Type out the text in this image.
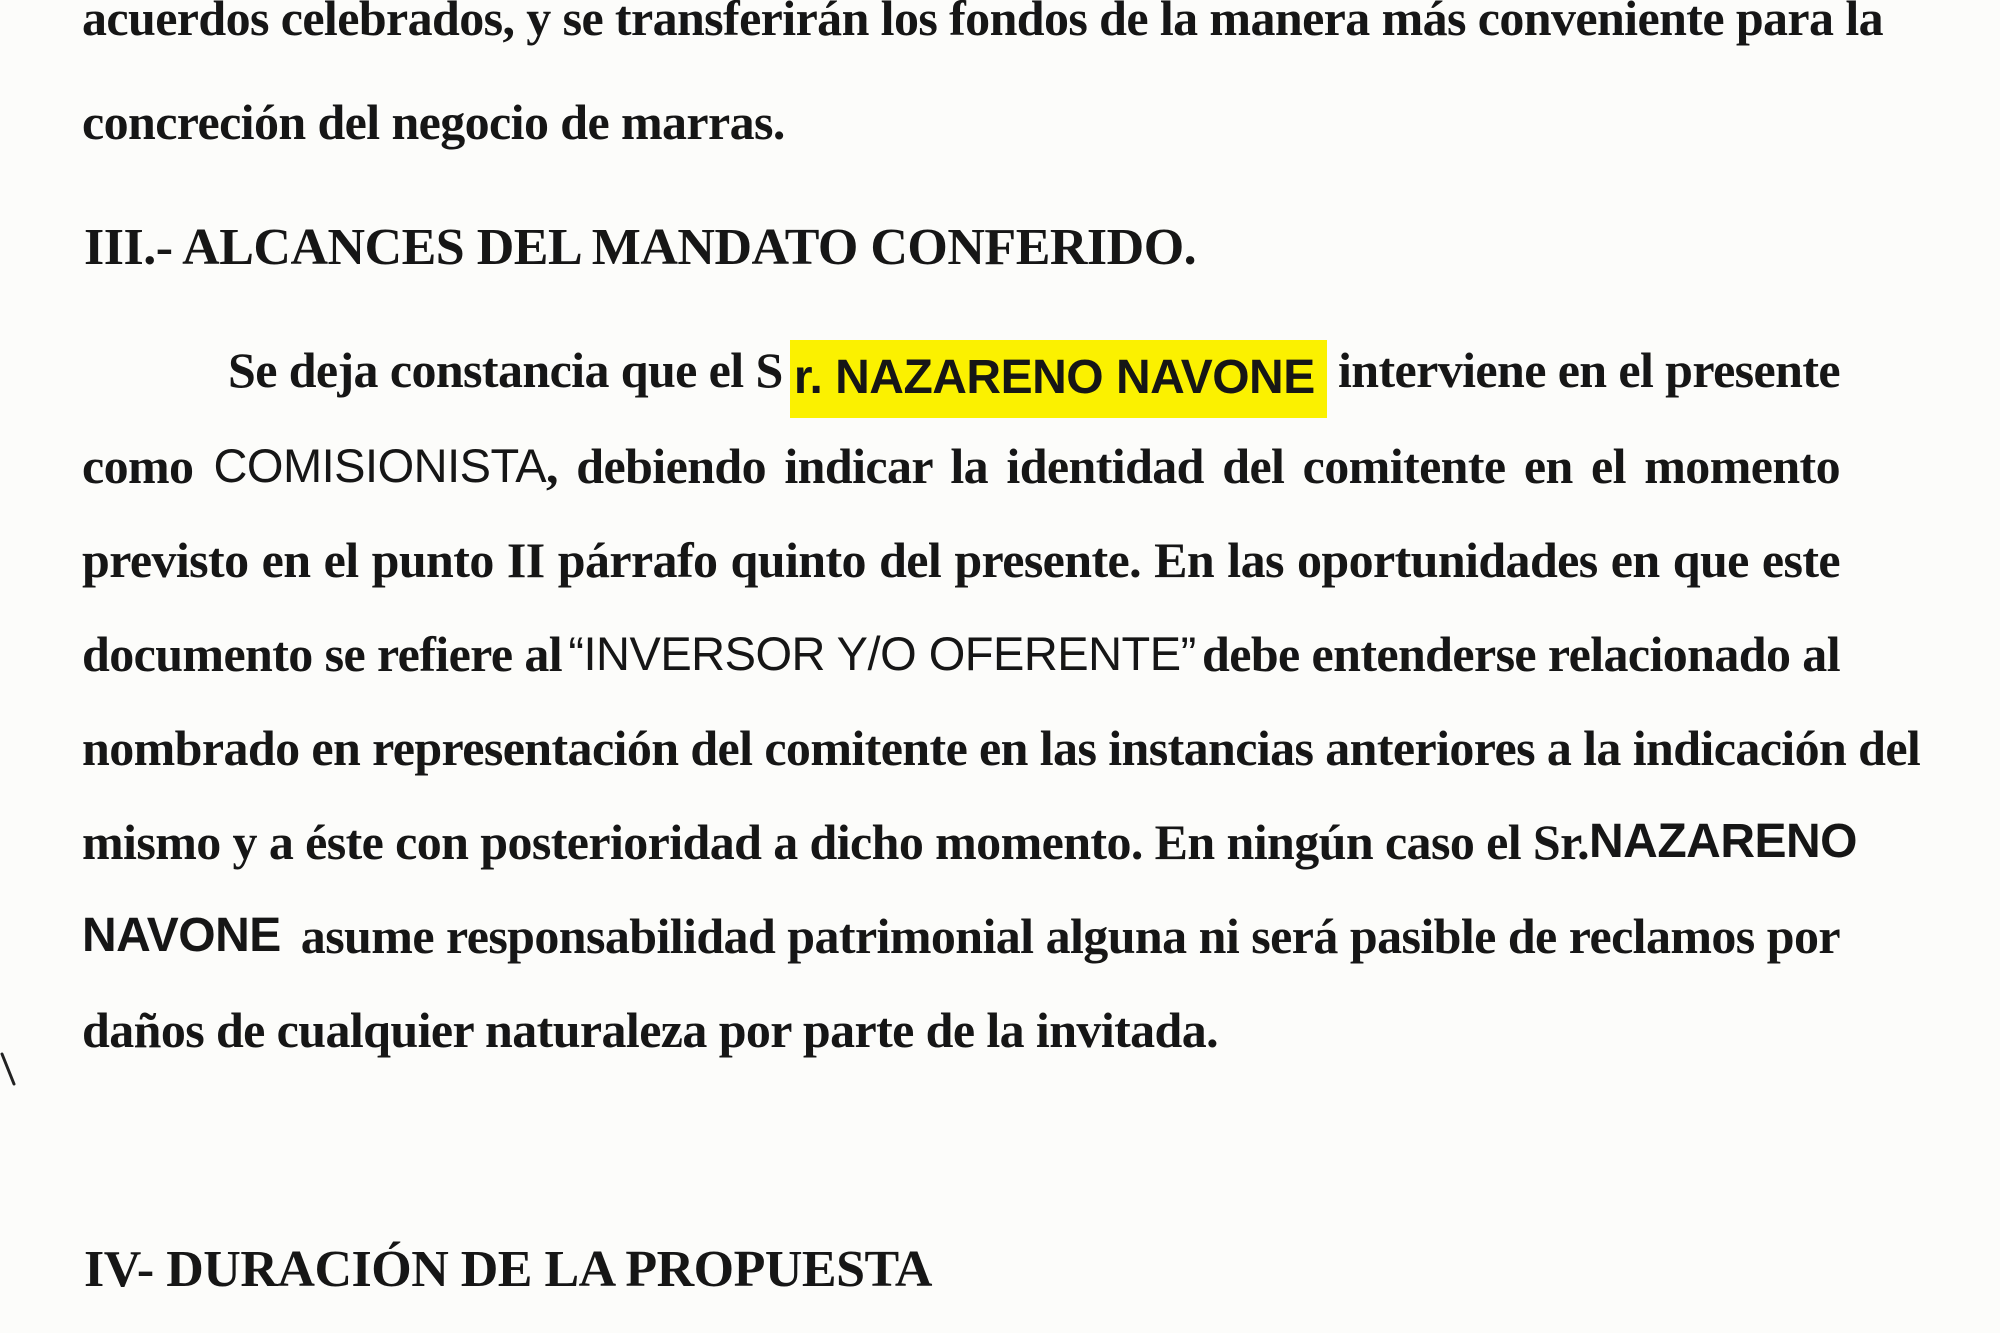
acuerdos celebrados, y se transferirán los fondos de la manera más conveniente para la
concreción del negocio de marras.
III.- ALCANCES DEL MANDATO CONFERIDO.
Se deja constancia que el S r. NAZARENO NAVONE interviene en el presente
como COMISIONISTA , debiendo indicar la identidad del comitente en el momento
previsto en el punto II párrafo quinto del presente. En las oportunidades en que este
documento se refiere al “INVERSOR Y/O OFERENTE” debe entenderse relacionado al
nombrado en representación del comitente en las instancias anteriores a la indicación del
mismo y a éste con posterioridad a dicho momento. En ningún caso el Sr. NAZARENO
NAVONE asume responsabilidad patrimonial alguna ni será pasible de reclamos por
daños de cualquier naturaleza por parte de la invitada.
IV- DURACIÓN DE LA PROPUESTA
